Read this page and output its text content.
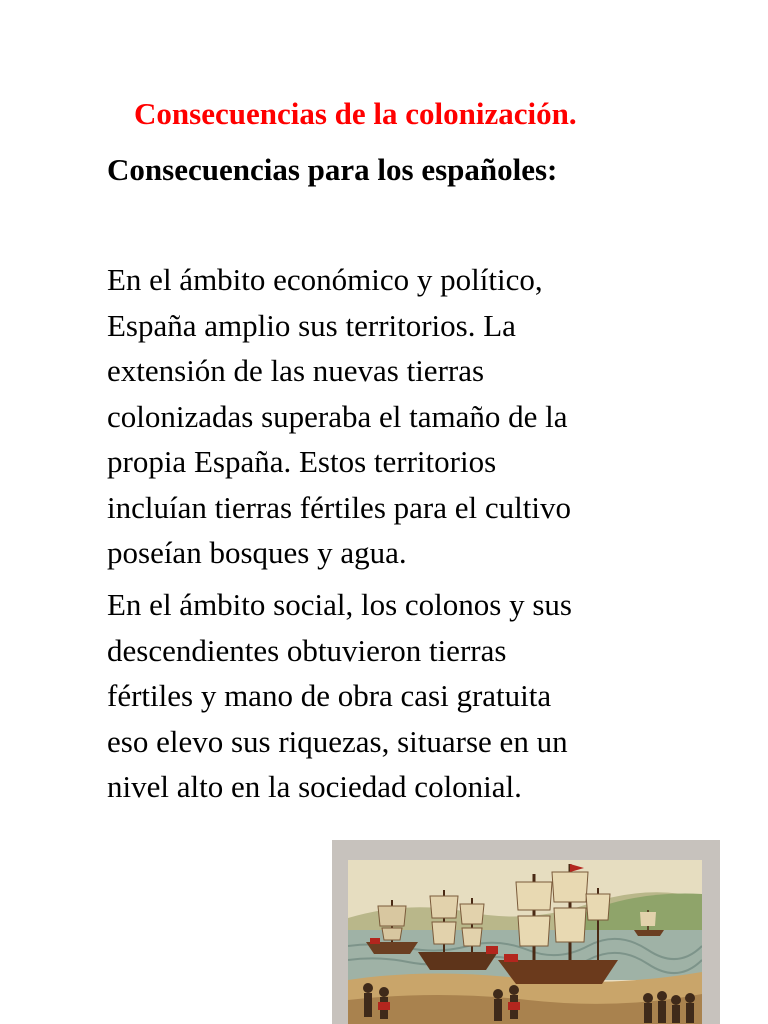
Consecuencias de la colonización.
Consecuencias para los españoles:
En el ámbito económico y político,
España amplio sus territorios. La
extensión de las nuevas tierras
colonizadas superaba el tamaño de la
propia España. Estos territorios
incluían tierras fértiles para el cultivo
poseían bosques y agua.
En el ámbito social, los colonos y sus
descendientes obtuvieron tierras
fértiles y mano de obra casi gratuita
eso elevo sus riquezas, situarse en un
nivel alto en la sociedad colonial.
